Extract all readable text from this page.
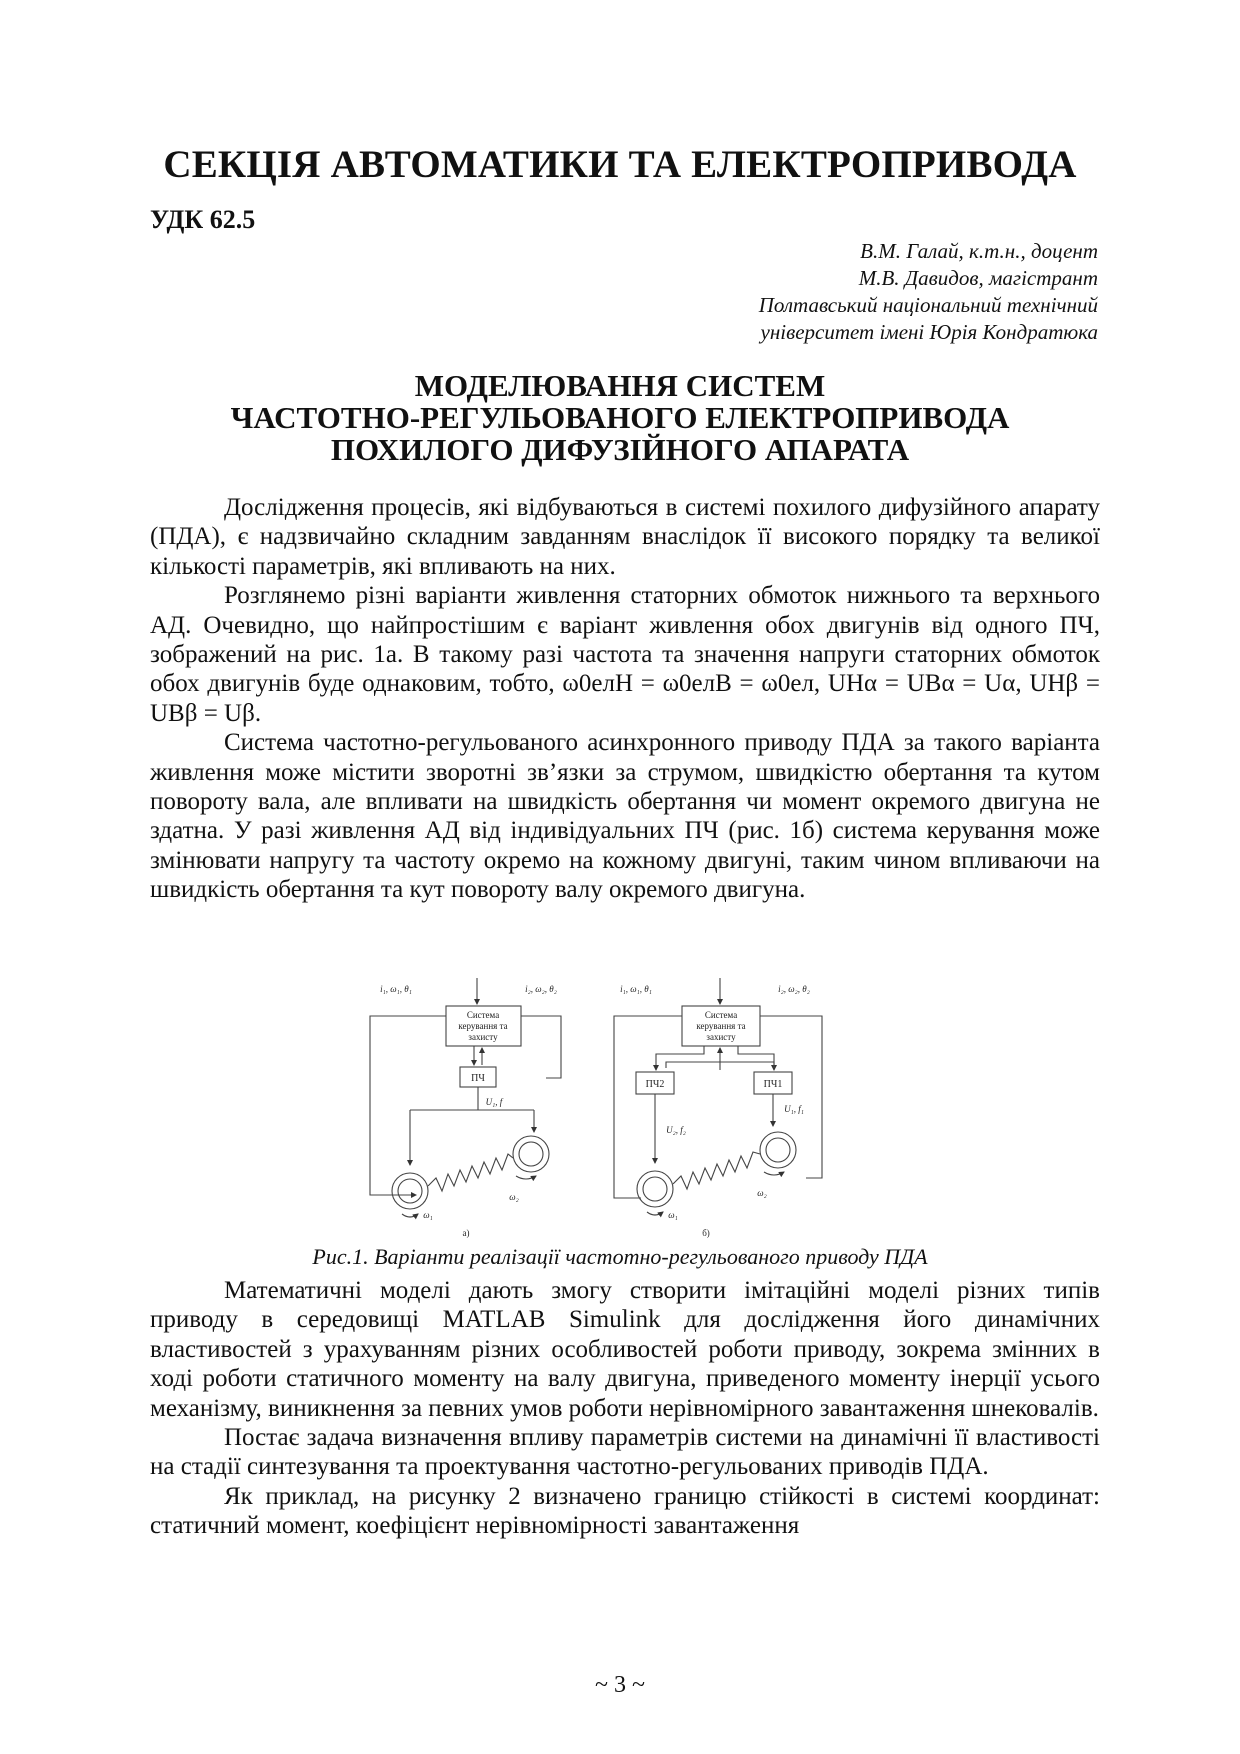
СЕКЦІЯ АВТОМАТИКИ ТА ЕЛЕКТРОПРИВОДА
УДК 62.5
В.М. Галай, к.т.н., доцент
М.В. Давидов, магістрант
Полтавський національний технічний
університет імені Юрія Кондратюка
МОДЕЛЮВАННЯ СИСТЕМ
ЧАСТОТНО-РЕГУЛЬОВАНОГО ЕЛЕКТРОПРИВОДА
ПОХИЛОГО ДИФУЗІЙНОГО АПАРАТА

Дослідження процесів, які відбуваються в системі похилого дифузійного апарату (ПДА), є надзвичайно складним завданням внаслідок її високого порядку та великої кількості параметрів, які впливають на них.

Розглянемо різні варіанти живлення статорних обмоток нижнього та верхнього АД. Очевидно, що найпростішим є варіант живлення обох двигунів від одного ПЧ, зображений на рис. 1а. В такому разі частота та значення напруги статорних обмоток обох двигунів буде однаковим, тобто, ω0елН = ω0елВ = ω0ел, UНα = UВα = Uα, UНβ = UВβ = Uβ.

Система частотно-регульованого асинхронного приводу ПДА за такого варіанта живлення може містити зворотні зв’язки за струмом, швидкістю обертання та кутом повороту вала, але впливати на швидкість обертання чи момент окремого двигуна не здатна. У разі живлення АД від індивідуальних ПЧ (рис. 1б) система керування може змінювати напругу та частоту окремо на кожному двигуні, таким чином впливаючи на швидкість обертання та кут повороту валу окремого двигуна.

Система
керування та
захисту
ПЧ
i₁, ω₁, θ₁	i₂, ω₂, θ₂
U₁, f
ω₁
ω₂
а)
Система
керування та
захисту
ПЧ2	ПЧ1
i₁, ω₁, θ₁	i₂, ω₂, θ₂
U₂, f₂
U₁, f₁
ω₁
ω₂
б)
Рис.1. Варіанти реалізації частотно-регульованого приводу ПДА

Математичні моделі дають змогу створити імітаційні моделі різних типів приводу в середовищі MATLAB Simulink для дослідження його динамічних властивостей з урахуванням різних особливостей роботи приводу, зокрема змінних в ході роботи статичного моменту на валу двигуна, приведеного моменту інерції усього механізму, виникнення за певних умов роботи нерівномірного завантаження шнековалів.

Постає задача визначення впливу параметрів системи на динамічні її властивості на стадії синтезування та проектування частотно-регульованих приводів ПДА.

Як приклад, на рисунку 2 визначено границю стійкості в системі координат: статичний момент, коефіцієнт нерівномірності завантаження

~ 3 ~
